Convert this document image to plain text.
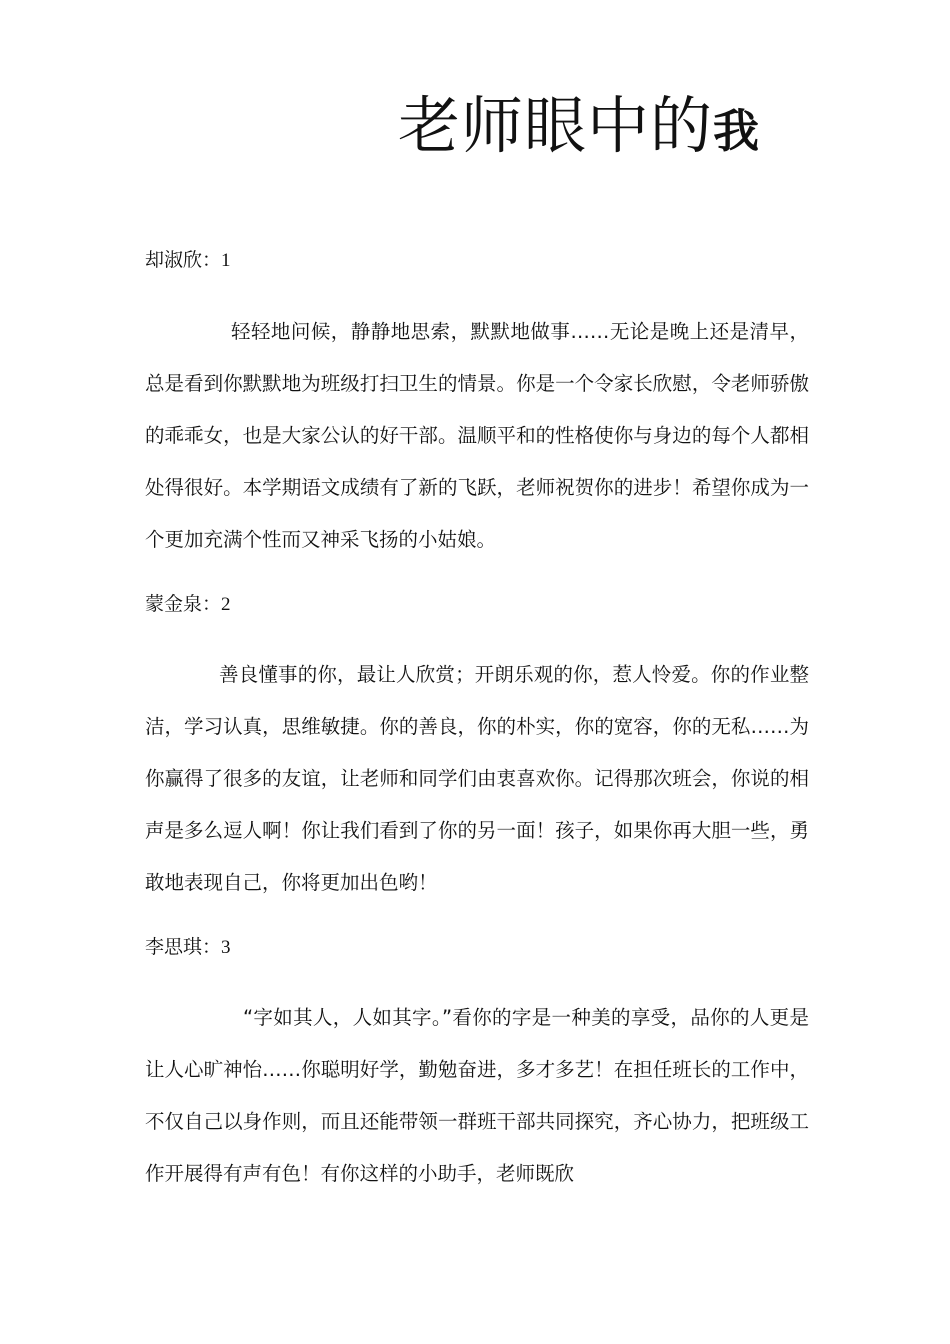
老师眼中的我
却淑欣：1

轻轻地问候，静静地思索，默默地做事……无论是晚上还是清早，总是看到你默默地为班级打扫卫生的情景。你是一个令家长欣慰，令老师骄傲的乖乖女，也是大家公认的好干部。温顺平和的性格使你与身边的每个人都相处得很好。本学期语文成绩有了新的飞跃，老师祝贺你的进步！希望你成为一个更加充满个性而又神采飞扬的小姑娘。

蒙金泉：2

善良懂事的你，最让人欣赏；开朗乐观的你，惹人怜爱。你的作业整洁，学习认真，思维敏捷。你的善良，你的朴实，你的宽容，你的无私……为你赢得了很多的友谊，让老师和同学们由衷喜欢你。记得那次班会，你说的相声是多么逗人啊！你让我们看到了你的另一面！孩子，如果你再大胆一些，勇敢地表现自己，你将更加出色哟！

李思琪：3

“字如其人，人如其字。”看你的字是一种美的享受，品你的人更是让人心旷神怡……你聪明好学，勤勉奋进，多才多艺！在担任班长的工作中，不仅自己以身作则，而且还能带领一群班干部共同探究，齐心协力，把班级工作开展得有声有色！有你这样的小助手，老师既欣
